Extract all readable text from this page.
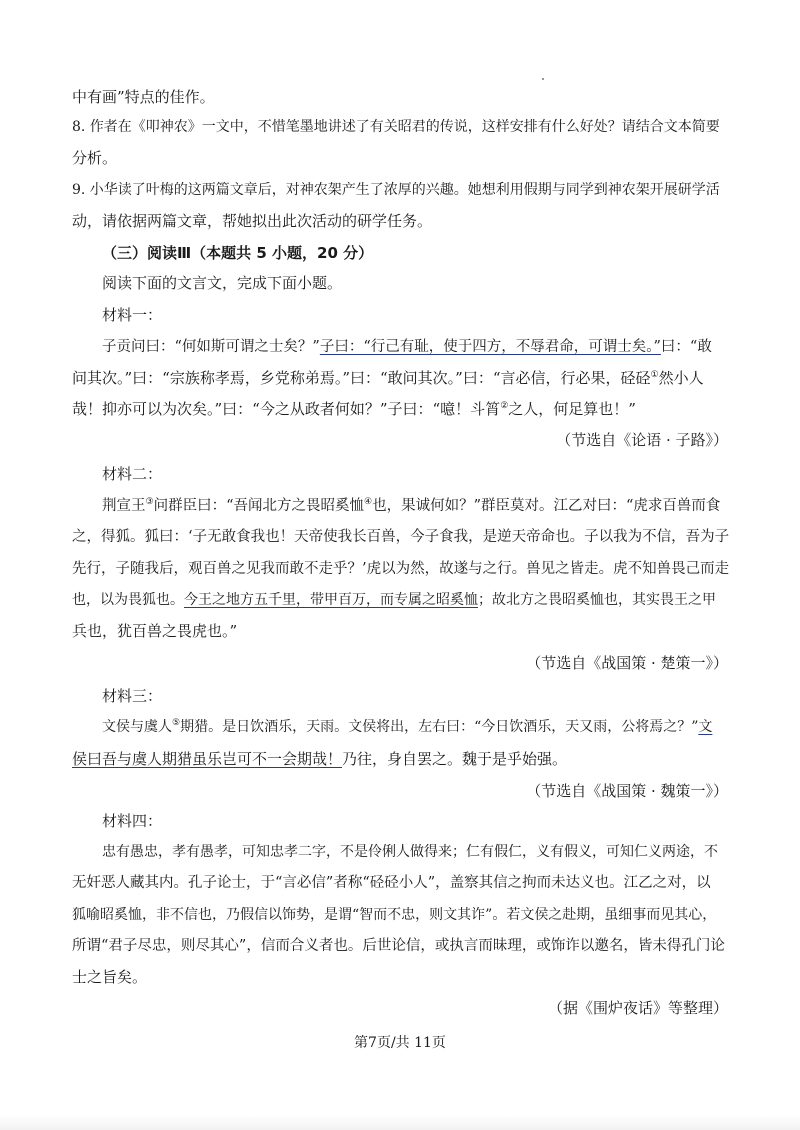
中有画”特点的佳作。
8. 作者在《叩神农》一文中，不惜笔墨地讲述了有关昭君的传说，这样安排有什么好处？请结合文本简要
分析。
9. 小华读了叶梅的这两篇文章后，对神农架产生了浓厚的兴趣。她想利用假期与同学到神农架开展研学活
动，请依据两篇文章，帮她拟出此次活动的研学任务。
（三）阅读Ⅲ（本题共 5 小题，20 分）
阅读下面的文言文，完成下面小题。
材料一：
子贡问曰：“何如斯可谓之士矣？”子曰：“行己有耻，使于四方，不辱君命，可谓士矣。”曰：“敢
问其次。”曰：“宗族称孝焉，乡党称弟焉。”曰：“敢问其次。”曰：“言必信，行必果，硁硁①然小人
哉！抑亦可以为次矣。”曰：“今之从政者何如？”子曰：“噫！斗筲②之人，何足算也！”
（节选自《论语 · 子路》）
材料二：
荆宣王③问群臣曰：“吾闻北方之畏昭奚恤④也，果诚何如？”群臣莫对。江乙对曰：“虎求百兽而食
之，得狐。狐曰：‘子无敢食我也！天帝使我长百兽，今子食我，是逆天帝命也。子以我为不信，吾为子
先行，子随我后，观百兽之见我而敢不走乎？’虎以为然，故遂与之行。兽见之皆走。虎不知兽畏己而走
也，以为畏狐也。今王之地方五千里，带甲百万，而专属之昭奚恤；故北方之畏昭奚恤也，其实畏王之甲
兵也，犹百兽之畏虎也。”
（节选自《战国策 · 楚策一》）
材料三：
文侯与虞人⑤期猎。是日饮酒乐，天雨。文侯将出，左右曰：“今日饮酒乐，天又雨，公将焉之？”文
侯曰吾与虞人期猎虽乐岂可不一会期哉！乃往，身自罢之。魏于是乎始强。
（节选自《战国策 · 魏策一》）
材料四：
忠有愚忠，孝有愚孝，可知忠孝二字，不是伶俐人做得来；仁有假仁，义有假义，可知仁义两途，不
无奸恶人藏其内。孔子论士，于“言必信”者称“硁硁小人”，盖察其信之拘而未达义也。江乙之对，以
狐喻昭奚恤，非不信也，乃假信以饰势，是谓“智而不忠，则文其诈”。若文侯之赴期，虽细事而见其心，
所谓“君子尽忠，则尽其心”，信而合义者也。后世论信，或执言而昧理，或饰诈以邀名，皆未得孔门论
士之旨矣。
（据《围炉夜话》等整理）
第7页/共 11页
